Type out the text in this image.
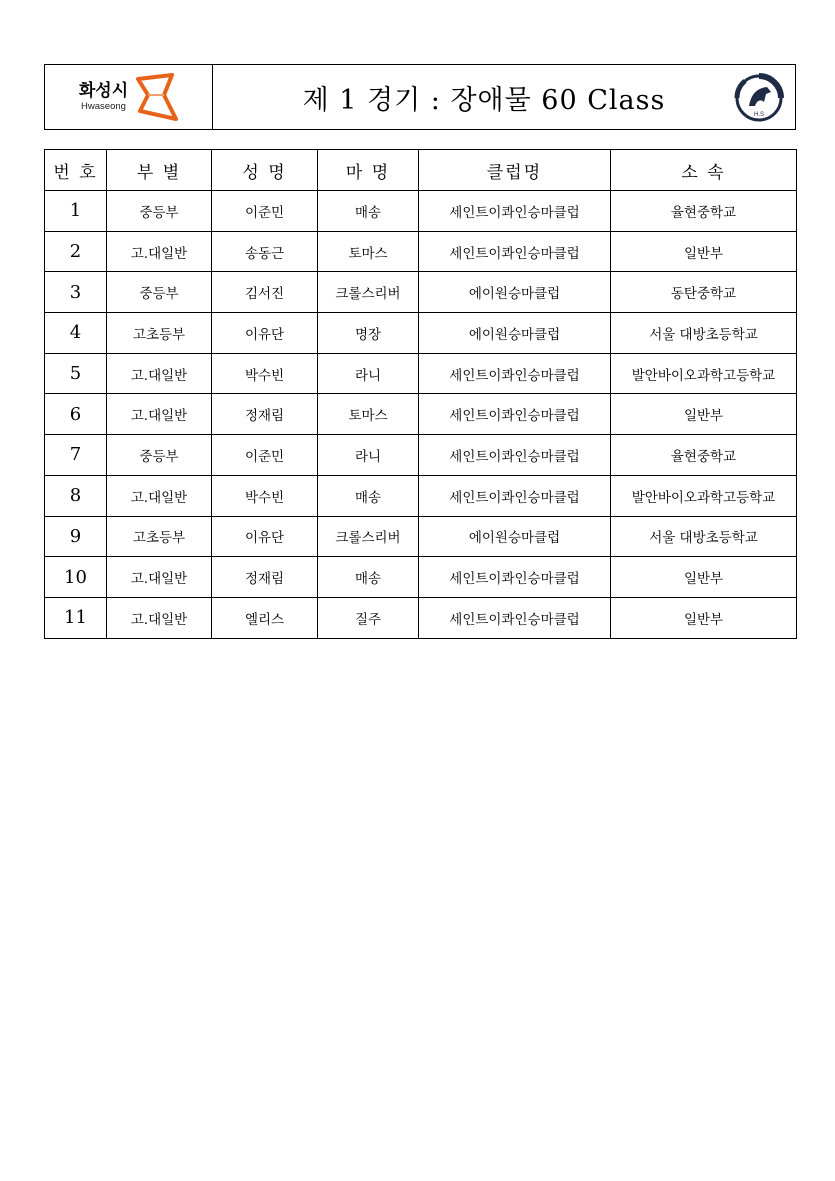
화성시
Hwaseong	제 1 경기 : 장애물 60 Class	H.S
번 호	부 별	성 명	마 명	클럽명	소 속
1	중등부	이준민	매송	세인트이콰인승마클럽	율현중학교
2	고.대일반	송동근	토마스	세인트이콰인승마클럽	일반부
3	중등부	김서진	크롤스리버	에이원승마클럽	동탄중학교
4	고초등부	이유단	명장	에이원승마클럽	서울 대방초등학교
5	고.대일반	박수빈	라니	세인트이콰인승마클럽	발안바이오과학고등학교
6	고.대일반	정재림	토마스	세인트이콰인승마클럽	일반부
7	중등부	이준민	라니	세인트이콰인승마클럽	율현중학교
8	고.대일반	박수빈	매송	세인트이콰인승마클럽	발안바이오과학고등학교
9	고초등부	이유단	크롤스리버	에이원승마클럽	서울 대방초등학교
10	고.대일반	정재림	매송	세인트이콰인승마클럽	일반부
11	고.대일반	엘리스	질주	세인트이콰인승마클럽	일반부
